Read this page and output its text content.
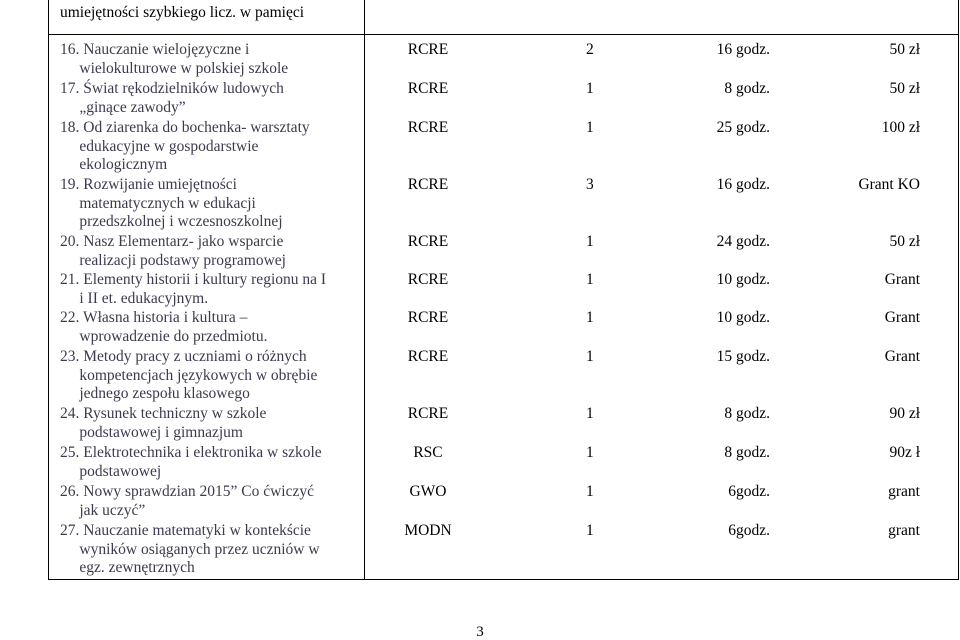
umiejętności szybkiego licz. w pamięci
16. Nauczanie wielojęzyczne i
wielokulturowe w polskiej szkole
RCRE	2	16 godz.	50 zł
17. Świat rękodzielników ludowych
„ginące zawody”
RCRE	1	8 godz.	50 zł
18. Od ziarenka do bochenka- warsztaty
edukacyjne w gospodarstwie
ekologicznym
RCRE	1	25 godz.	100 zł
19. Rozwijanie umiejętności
matematycznych w edukacji
przedszkolnej i wczesnoszkolnej
RCRE	3	16 godz.	Grant KO
20. Nasz Elementarz- jako wsparcie
realizacji podstawy programowej
RCRE	1	24 godz.	50 zł
21. Elementy historii i kultury regionu na I
i II et. edukacyjnym.
RCRE	1	10 godz.	Grant
22. Własna historia i kultura –
wprowadzenie do przedmiotu.
RCRE	1	10 godz.	Grant
23. Metody pracy z uczniami o różnych
kompetencjach językowych w obrębie
jednego zespołu klasowego
RCRE	1	15 godz.	Grant
24. Rysunek techniczny w szkole
podstawowej i gimnazjum
RCRE	1	8 godz.	90 zł
25. Elektrotechnika i elektronika w szkole
podstawowej
RSC	1	8 godz.	90z ł
26. Nowy sprawdzian 2015” Co ćwiczyć
jak uczyć”
GWO	1	6godz.	grant
27. Nauczanie matematyki w kontekście
wyników osiąganych przez uczniów w
egz. zewnętrznych
MODN	1	6godz.	grant
3
